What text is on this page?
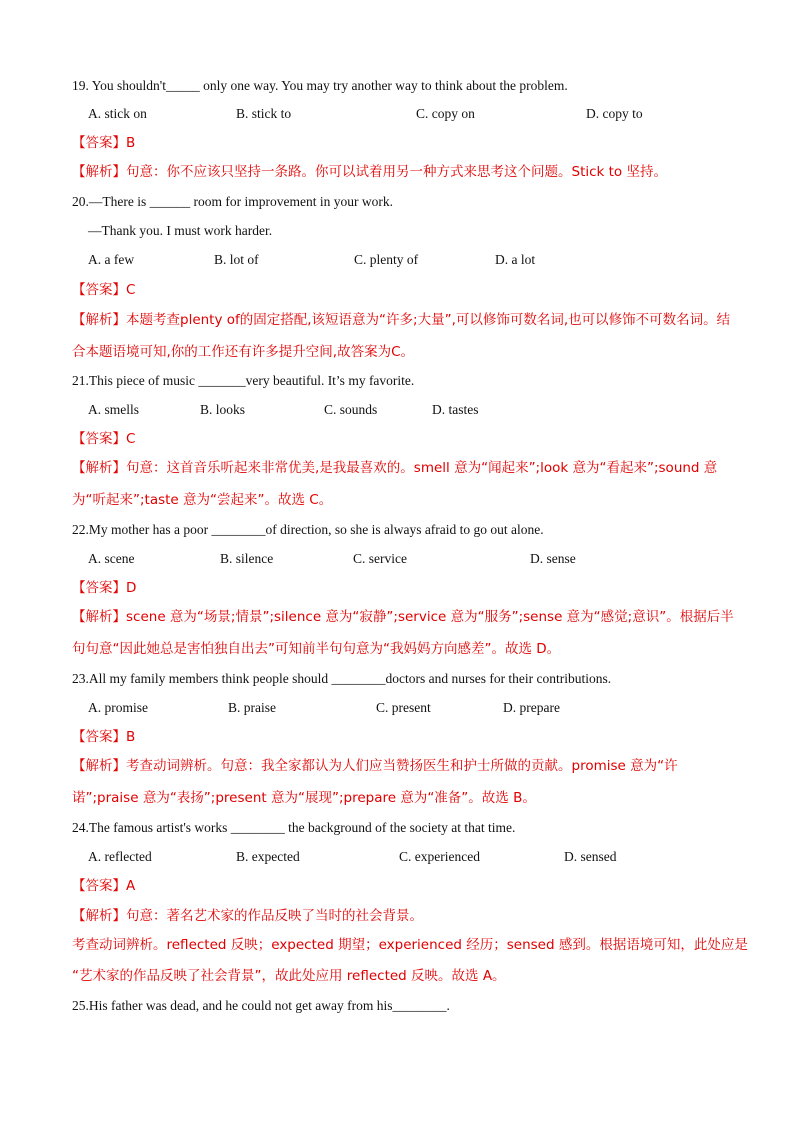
19. You shouldn't_____ only one way. You may try another way to think about the problem.
A. stick on	B. stick to	C. copy on	D. copy to
【答案】B
【解析】句意：你不应该只坚持一条路。你可以试着用另一种方式来思考这个问题。Stick to 坚持。
20.—There is ______ room for improvement in your work.
—Thank you. I must work harder.
A. a few	B. lot of	C. plenty of	D. a lot
【答案】C
【解析】本题考查plenty of的固定搭配,该短语意为“许多;大量”,可以修饰可数名词,也可以修饰不可数名词。结合本题语境可知,你的工作还有许多提升空间,故答案为C。
21.This piece of music _______very beautiful. It’s my favorite.
A. smells	B. looks	C. sounds	D. tastes
【答案】C
【解析】句意：这首音乐听起来非常优美,是我最喜欢的。smell 意为“闻起来”;look 意为“看起来”;sound 意为“听起来”;taste 意为“尝起来”。故选 C。
22.My mother has a poor ________of direction, so she is always afraid to go out alone.
A. scene	B. silence	C. service	D. sense
【答案】D
【解析】scene 意为“场景;情景”;silence 意为“寂静”;service 意为“服务”;sense 意为“感觉;意识”。根据后半句句意“因此她总是害怕独自出去”可知前半句句意为“我妈妈方向感差”。故选 D。
23.All my family members think people should ________doctors and nurses for their contributions.
A. promise	B. praise	C. present	D. prepare
【答案】B
【解析】考查动词辨析。句意：我全家都认为人们应当赞扬医生和护士所做的贡献。promise 意为“许诺”;praise 意为“表扬”;present 意为“展现”;prepare 意为“准备”。故选 B。
24.The famous artist's works ________ the background of the society at that time.
A. reflected	B. expected	C. experienced	D. sensed
【答案】A
【解析】句意：著名艺术家的作品反映了当时的社会背景。
考查动词辨析。reflected 反映；expected 期望；experienced 经历；sensed 感到。根据语境可知，此处应是
“艺术家的作品反映了社会背景”，故此处应用 reflected 反映。故选 A。
25.His father was dead, and he could not get away from his________.
